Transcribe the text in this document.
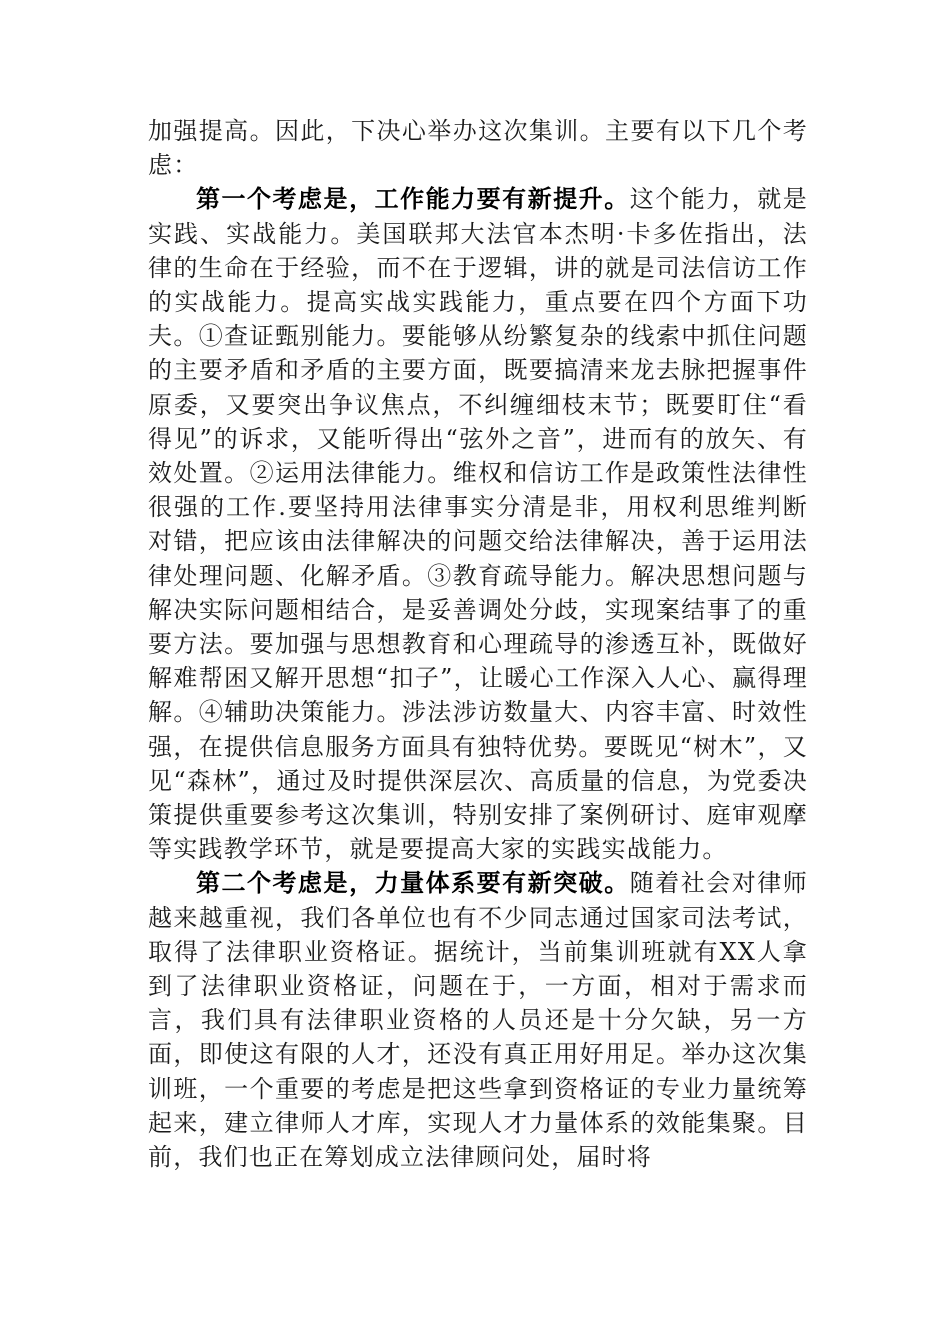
加强提高。因此，下决心举办这次集训。主要有以下几个考虑：

第一个考虑是，工作能力要有新提升。这个能力，就是实践、实战能力。美国联邦大法官本杰明·卡多佐指出，法律的生命在于经验，而不在于逻辑，讲的就是司法信访工作的实战能力。提高实战实践能力，重点要在四个方面下功夫。①查证甄别能力。要能够从纷繁复杂的线索中抓住问题的主要矛盾和矛盾的主要方面，既要搞清来龙去脉把握事件原委，又要突出争议焦点，不纠缠细枝末节；既要盯住“看得见”的诉求，又能听得出“弦外之音”，进而有的放矢、有效处置。②运用法律能力。维权和信访工作是政策性法律性很强的工作.要坚持用法律事实分清是非，用权利思维判断对错，把应该由法律解决的问题交给法律解决，善于运用法律处理问题、化解矛盾。③教育疏导能力。解决思想问题与解决实际问题相结合，是妥善调处分歧，实现案结事了的重要方法。要加强与思想教育和心理疏导的渗透互补，既做好解难帮困又解开思想“扣子”，让暖心工作深入人心、赢得理解。④辅助决策能力。涉法涉访数量大、内容丰富、时效性强，在提供信息服务方面具有独特优势。要既见“树木”，又见“森林”，通过及时提供深层次、高质量的信息，为党委决策提供重要参考这次集训，特别安排了案例研讨、庭审观摩等实践教学环节，就是要提高大家的实践实战能力。

第二个考虑是，力量体系要有新突破。随着社会对律师越来越重视，我们各单位也有不少同志通过国家司法考试，取得了法律职业资格证。据统计，当前集训班就有XX人拿到了法律职业资格证，问题在于，一方面，相对于需求而言，我们具有法律职业资格的人员还是十分欠缺，另一方面，即使这有限的人才，还没有真正用好用足。举办这次集训班，一个重要的考虑是把这些拿到资格证的专业力量统筹起来，建立律师人才库，实现人才力量体系的效能集聚。目前，我们也正在筹划成立法律顾问处，届时将
